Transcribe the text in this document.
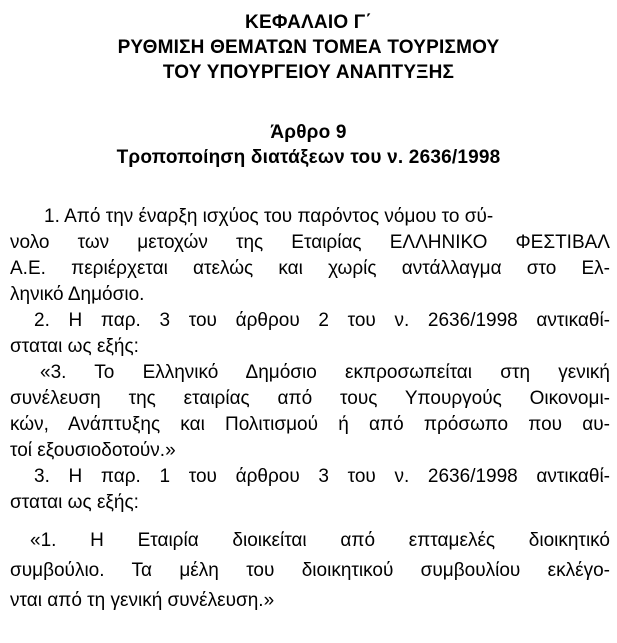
ΚΕΦΑΛΑΙΟ Γ΄
ΡΥΘΜΙΣΗ ΘΕΜΑΤΩΝ ΤΟΜΕΑ ΤΟΥΡΙΣΜΟΥ
ΤΟΥ ΥΠΟΥΡΓΕΙΟΥ ΑΝΑΠΤΥΞΗΣ
Άρθρο 9
Τροποποίηση διατάξεων του ν. 2636/1998
1. Από την έναρξη ισχύος του παρόντος νόμου το σύ-
νολο των μετοχών της Εταιρίας ΕΛΛΗΝΙΚΟ ΦΕΣΤΙΒΑΛ
Α.Ε. περιέρχεται ατελώς και χωρίς αντάλλαγμα στο Ελ-
ληνικό Δημόσιο.
2. Η παρ. 3 του άρθρου 2 του ν. 2636/1998 αντικαθί-
σταται ως εξής:
«3. Το Ελληνικό Δημόσιο εκπροσωπείται στη γενική
συνέλευση της εταιρίας από τους Υπουργούς Οικονομι-
κών, Ανάπτυξης και Πολιτισμού ή από πρόσωπο που αυ-
τοί εξουσιοδοτούν.»
3. Η παρ. 1 του άρθρου 3 του ν. 2636/1998 αντικαθί-
σταται ως εξής:
«1. Η Εταιρία διοικείται από επταμελές διοικητικό
συμβούλιο. Τα μέλη του διοικητικού συμβουλίου εκλέγο-
νται από τη γενική συνέλευση.»
